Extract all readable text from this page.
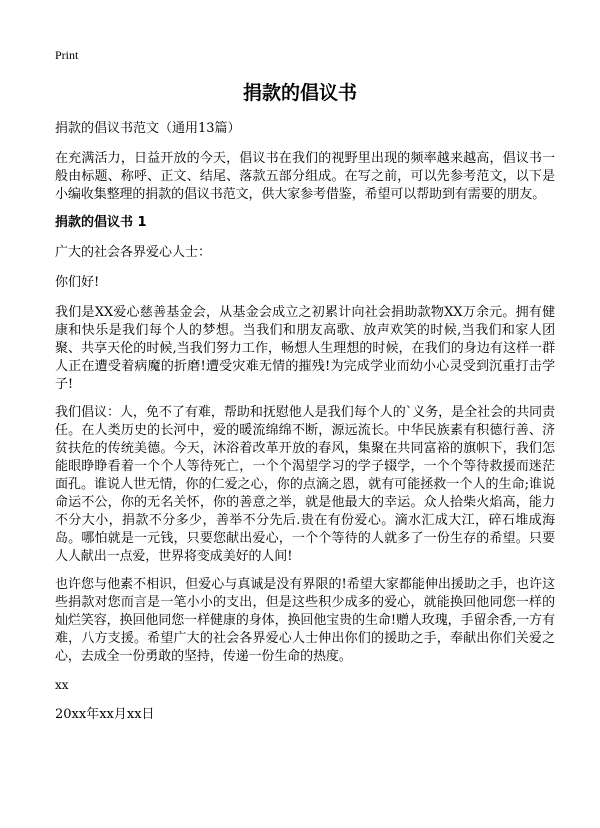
Print
捐款的倡议书

捐款的倡议书范文（通用13篇）

在充满活力，日益开放的今天，倡议书在我们的视野里出现的频率越来越高，倡议书一般由标题、称呼、正文、结尾、落款五部分组成。在写之前，可以先参考范文，以下是小编收集整理的捐款的倡议书范文，供大家参考借鉴，希望可以帮助到有需要的朋友。

捐款的倡议书 1

广大的社会各界爱心人士：

你们好!

我们是XX爱心慈善基金会，从基金会成立之初累计向社会捐助款物XX万余元。拥有健康和快乐是我们每个人的梦想。当我们和朋友高歌、放声欢笑的时候,当我们和家人团聚、共享天伦的时候,当我们努力工作，畅想人生理想的时候，在我们的身边有这样一群人正在遭受着病魔的折磨!遭受灾难无情的摧残!为完成学业而幼小心灵受到沉重打击学子!

我们倡议：人，免不了有难，帮助和抚慰他人是我们每个人的`义务，是全社会的共同责任。在人类历史的长河中，爱的暖流绵绵不断，源远流长。中华民族素有积德行善、济贫扶危的传统美德。今天，沐浴着改革开放的春风，集聚在共同富裕的旗帜下，我们怎能眼睁睁看着一个个人等待死亡，一个个渴望学习的学子辍学，一个个等待救援而迷茫面孔。谁说人世无情，你的仁爱之心，你的点滴之恩，就有可能拯救一个人的生命;谁说命运不公，你的无名关怀，你的善意之举，就是他最大的幸运。众人拾柴火焰高，能力不分大小，捐款不分多少，善举不分先后.贵在有份爱心。滴水汇成大江，碎石堆成海岛。哪怕就是一元钱，只要您献出爱心，一个个等待的人就多了一份生存的希望。只要人人献出一点爱，世界将变成美好的人间!

也许您与他素不相识，但爱心与真诚是没有界限的!希望大家都能伸出援助之手，也许这些捐款对您而言是一笔小小的支出，但是这些积少成多的爱心，就能换回他同您一样的灿烂笑容，换回他同您一样健康的身体，换回他宝贵的生命!赠人玫瑰，手留余香,一方有难，八方支援。希望广大的社会各界爱心人士伸出你们的援助之手，奉献出你们关爱之心，去成全一份勇敢的坚持，传递一份生命的热度。

xx

20xx年xx月xx日
